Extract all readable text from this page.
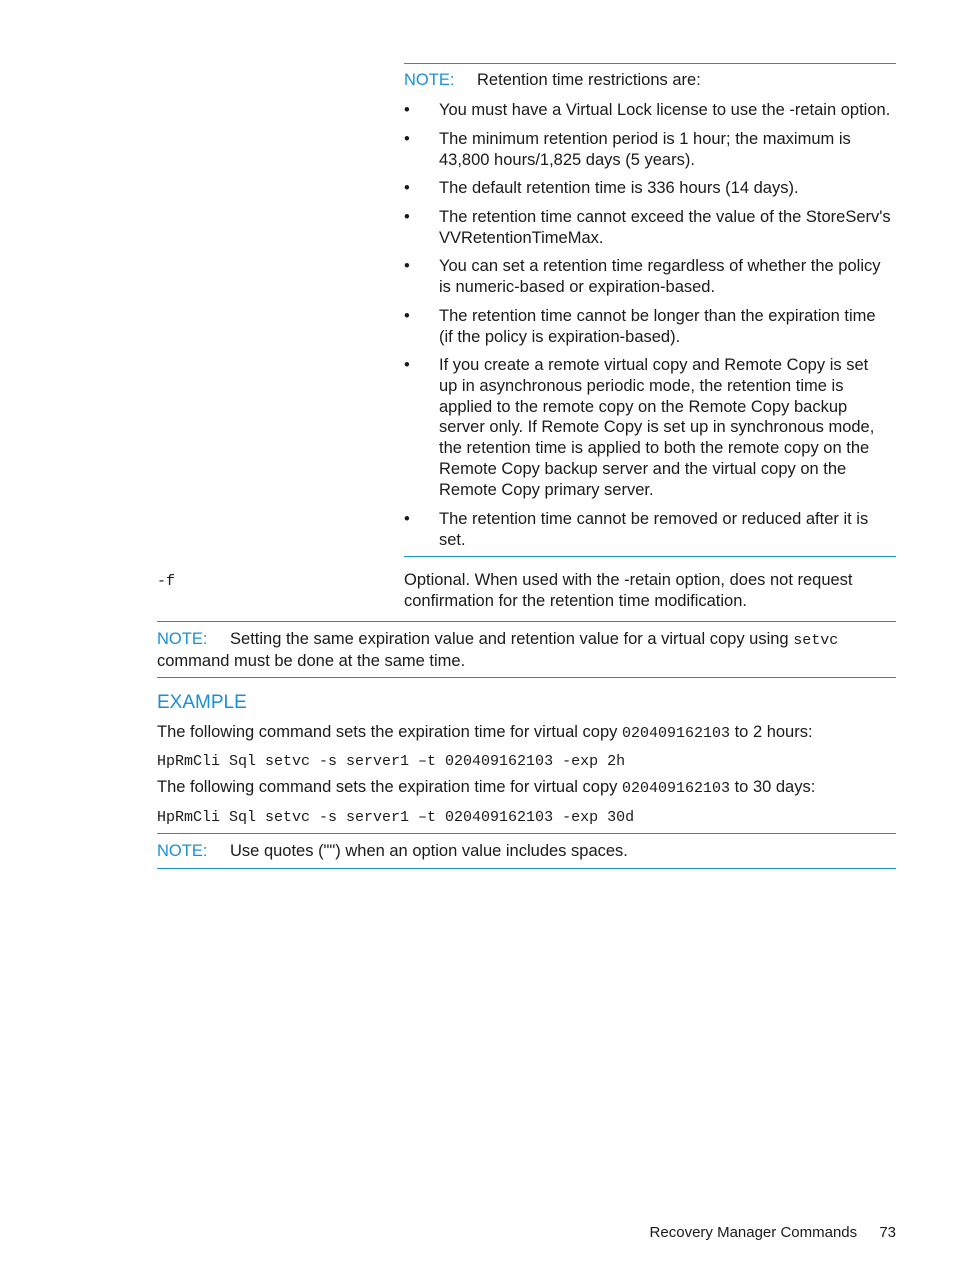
NOTE: Retention time restrictions are:
• You must have a Virtual Lock license to use the -retain option.
• The minimum retention period is 1 hour; the maximum is
43,800 hours/1,825 days (5 years).
• The default retention time is 336 hours (14 days).
• The retention time cannot exceed the value of the StoreServ's
VVRetentionTimeMax.
• You can set a retention time regardless of whether the policy
is numeric-based or expiration-based.
• The retention time cannot be longer than the expiration time
(if the policy is expiration-based).
• If you create a remote virtual copy and Remote Copy is set
up in asynchronous periodic mode, the retention time is
applied to the remote copy on the Remote Copy backup
server only. If Remote Copy is set up in synchronous mode,
the retention time is applied to both the remote copy on the
Remote Copy backup server and the virtual copy on the
Remote Copy primary server.
• The retention time cannot be removed or reduced after it is
set.
-f	Optional. When used with the -retain option, does not request
confirmation for the retention time modification.
NOTE: Setting the same expiration value and retention value for a virtual copy using setvc
command must be done at the same time.
EXAMPLE
The following command sets the expiration time for virtual copy 020409162103 to 2 hours:
HpRmCli Sql setvc -s server1 –t 020409162103 -exp 2h
The following command sets the expiration time for virtual copy 020409162103 to 30 days:
HpRmCli Sql setvc -s server1 –t 020409162103 -exp 30d
NOTE: Use quotes ("") when an option value includes spaces.
Recovery Manager Commands 73
